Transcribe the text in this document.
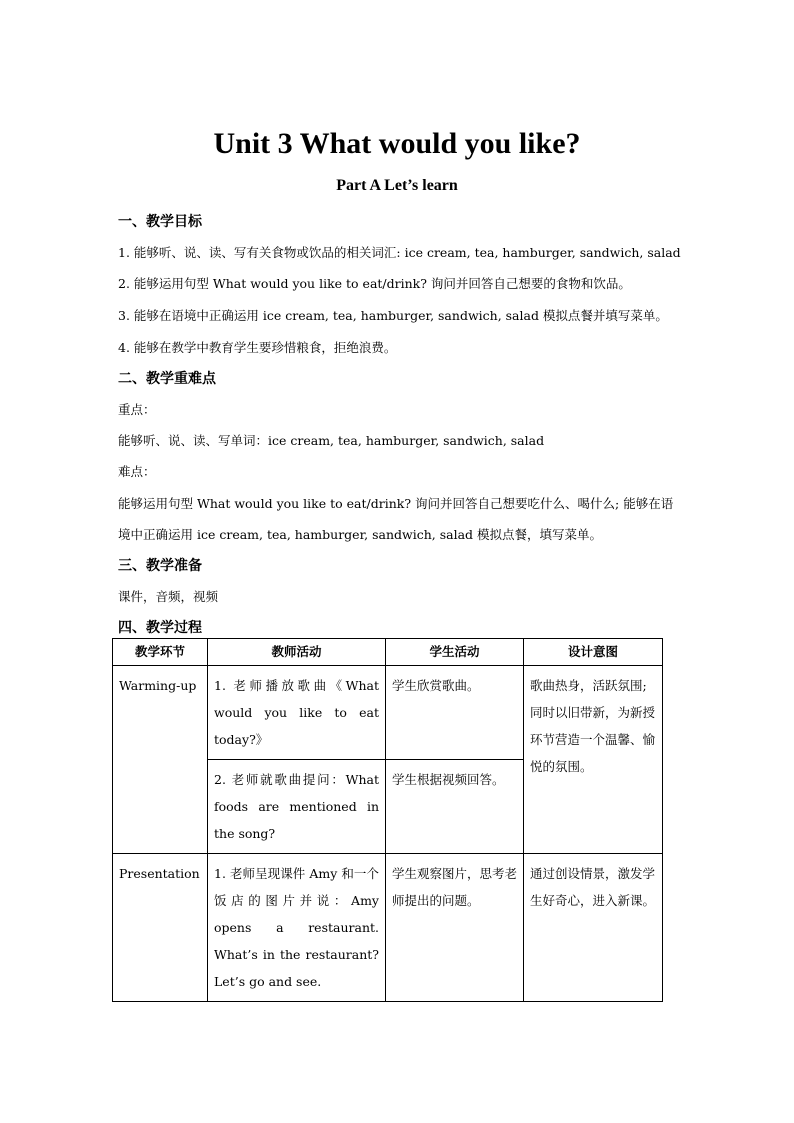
Unit 3 What would you like?
Part A Let’s learn
一、教学目标
1. 能够听、说、读、写有关食物或饮品的相关词汇: ice cream, tea, hamburger, sandwich, salad
2. 能够运用句型 What would you like to eat/drink? 询问并回答自己想要的食物和饮品。
3. 能够在语境中正确运用 ice cream, tea, hamburger, sandwich, salad 模拟点餐并填写菜单。
4. 能够在教学中教育学生要珍惜粮食，拒绝浪费。
二、教学重难点
重点：
能够听、说、读、写单词：ice cream, tea, hamburger, sandwich, salad
难点：
能够运用句型 What would you like to eat/drink? 询问并回答自己想要吃什么、喝什么; 能够在语境中正确运用 ice cream, tea, hamburger, sandwich, salad 模拟点餐，填写菜单。
三、教学准备
课件，音频，视频
四、教学过程
教学环节	教师活动	学生活动	设计意图
Warming-up	1. 老师播放歌曲《What would you like to eat today?》	学生欣赏歌曲。	歌曲热身，活跃氛围;同时以旧带新，为新授环节营造一个温馨、愉悦的氛围。
	2. 老师就歌曲提问：What foods are mentioned in the song?	学生根据视频回答。	
Presentation	1. 老师呈现课件 Amy 和一个饭店的图片并说：Amy opens a restaurant. What’s in the restaurant? Let’s go and see.	学生观察图片，思考老师提出的问题。	通过创设情景，激发学生好奇心，进入新课。
